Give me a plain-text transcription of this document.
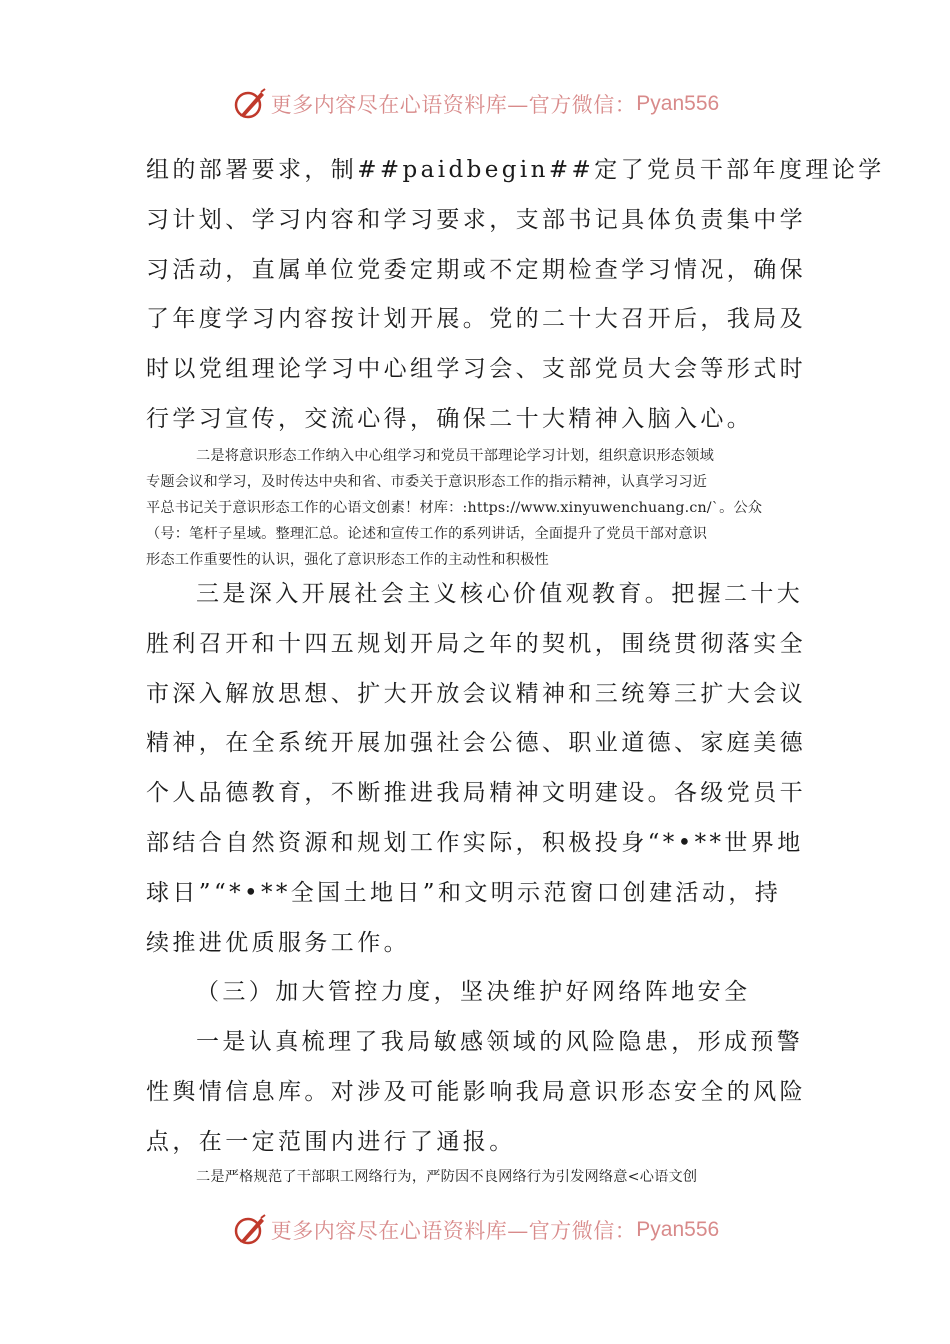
更多内容尽在心语资料库—官方微信： Pyan556
组的部署要求，制##paidbegin##定了党员干部年度理论学
习计划、学习内容和学习要求，支部书记具体负责集中学
习活动，直属单位党委定期或不定期检查学习情况，确保
了年度学习内容按计划开展。党的二十大召开后，我局及
时以党组理论学习中心组学习会、支部党员大会等形式时
行学习宣传，交流心得，确保二十大精神入脑入心。
二是将意识形态工作纳入中心组学习和党员干部理论学习计划，组织意识形态领域
专题会议和学习，及时传达中央和省、市委关于意识形态工作的指示精神，认真学习习近
平总书记关于意识形态工作的心语文创素！材库：:https://www.xinyuwenchuang.cn/`。公众
（号：笔杆子星域。整理汇总。论述和宣传工作的系列讲话，全面提升了党员干部对意识
形态工作重要性的认识，强化了意识形态工作的主动性和积极性
三是深入开展社会主义核心价值观教育。把握二十大
胜利召开和十四五规划开局之年的契机，围绕贯彻落实全
市深入解放思想、扩大开放会议精神和三统筹三扩大会议
精神，在全系统开展加强社会公德、职业道德、家庭美德
个人品德教育，不断推进我局精神文明建设。各级党员干
部结合自然资源和规划工作实际，积极投身“*•**世界地
球日”“*•**全国土地日”和文明示范窗口创建活动，持
续推进优质服务工作。
（三）加大管控力度，坚决维护好网络阵地安全
一是认真梳理了我局敏感领域的风险隐患，形成预警
性舆情信息库。对涉及可能影响我局意识形态安全的风险
点，在一定范围内进行了通报。
二是严格规范了干部职工网络行为，严防因不良网络行为引发网络意<心语文创
更多内容尽在心语资料库—官方微信： Pyan556
